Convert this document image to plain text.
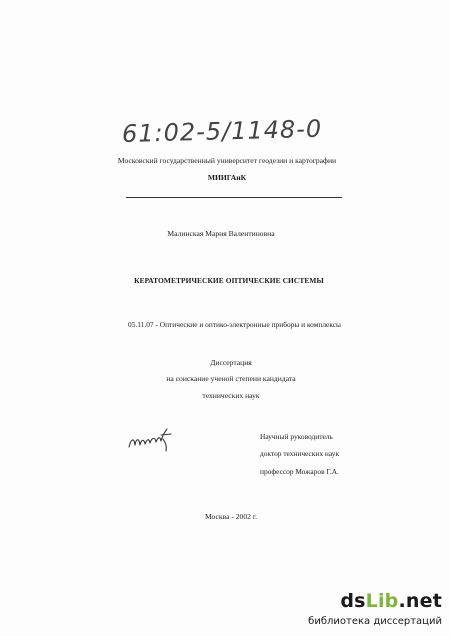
61:02-5/1148-0
Московский государственный университет геодезии и картографии
МИИГАиК
Малинская Мария Валентиновна
КЕРАТОМЕТРИЧЕСКИЕ ОПТИЧЕСКИЕ СИСТЕМЫ
05.11.07 - Оптические и оптико-электронные приборы и комплексы
Диссертация
на соискание ученой степени кандидата
технических наук
Научный руководитель
доктор технических наук
профессор Можаров Г.А.
Москва - 2002 г.
dsLib.net
библиотека диссертаций
